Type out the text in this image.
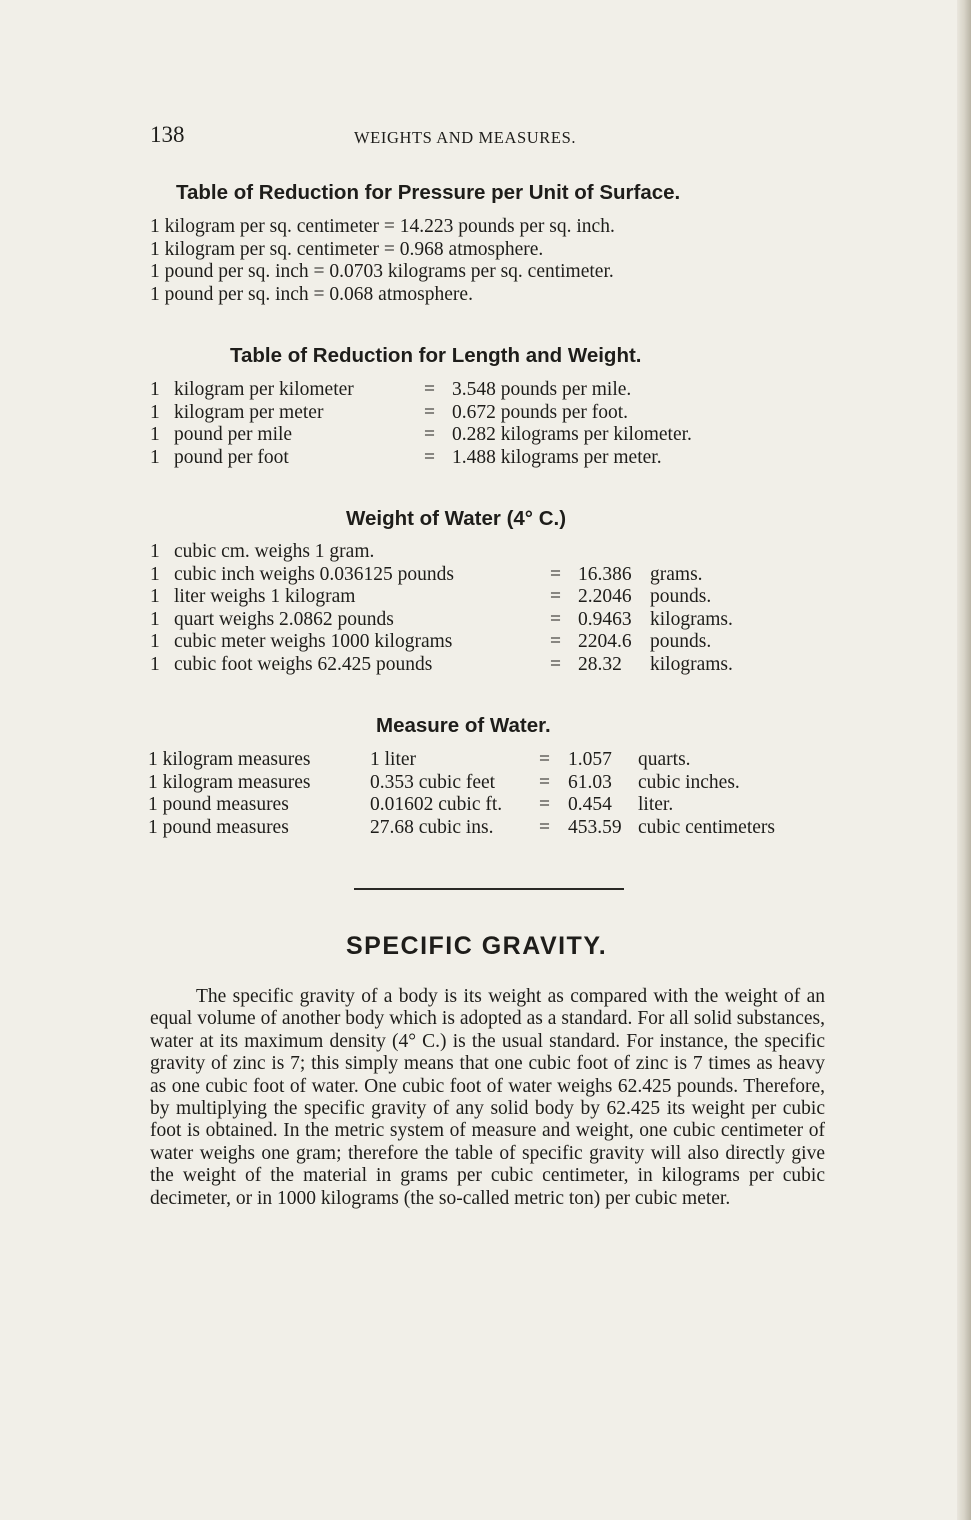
138	WEIGHTS AND MEASURES.
Table of Reduction for Pressure per Unit of Surface.
1 kilogram per sq. centimeter = 14.223 pounds per sq. inch.
1 kilogram per sq. centimeter = 0.968 atmosphere.
1 pound per sq. inch = 0.0703 kilograms per sq. centimeter.
1 pound per sq. inch = 0.068 atmosphere.
Table of Reduction for Length and Weight.
1 kilogram per kilometer	= 3.548 pounds per mile.
1 kilogram per meter	= 0.672 pounds per foot.
1 pound per mile	= 0.282 kilograms per kilometer.
1 pound per foot	= 1.488 kilograms per meter.
Weight of Water (4° C.)
1 cubic cm. weighs 1 gram.
1 cubic inch weighs 0.036125 pounds	= 16.386 grams.
1 liter weighs 1 kilogram	= 2.2046 pounds.
1 quart weighs 2.0862 pounds	= 0.9463 kilograms.
1 cubic meter weighs 1000 kilograms	= 2204.6 pounds.
1 cubic foot weighs 62.425 pounds	= 28.32 kilograms.
Measure of Water.
1 kilogram measures	1 liter	= 1.057 quarts.
1 kilogram measures	0.353 cubic feet = 61.03 cubic inches.
1 pound measures	0.01602 cubic ft. = 0.454 liter.
1 pound measures	27.68 cubic ins. = 453.59 cubic centimeters
SPECIFIC GRAVITY.

The specific gravity of a body is its weight as compared with the weight of an equal volume of another body which is adopted as a standard. For all solid substances, water at its maximum density (4° C.) is the usual standard. For instance, the specific gravity of zinc is 7; this simply means that one cubic foot of zinc is 7 times as heavy as one cubic foot of water. One cubic foot of water weighs 62.425 pounds. Therefore, by multiplying the specific gravity of any solid body by 62.425 its weight per cubic foot is obtained. In the metric system of measure and weight, one cubic centimeter of water weighs one gram; therefore the table of specific gravity will also directly give the weight of the material in grams per cubic centimeter, in kilograms per cubic decimeter, or in 1000 kilograms (the so-called metric ton) per cubic meter.
